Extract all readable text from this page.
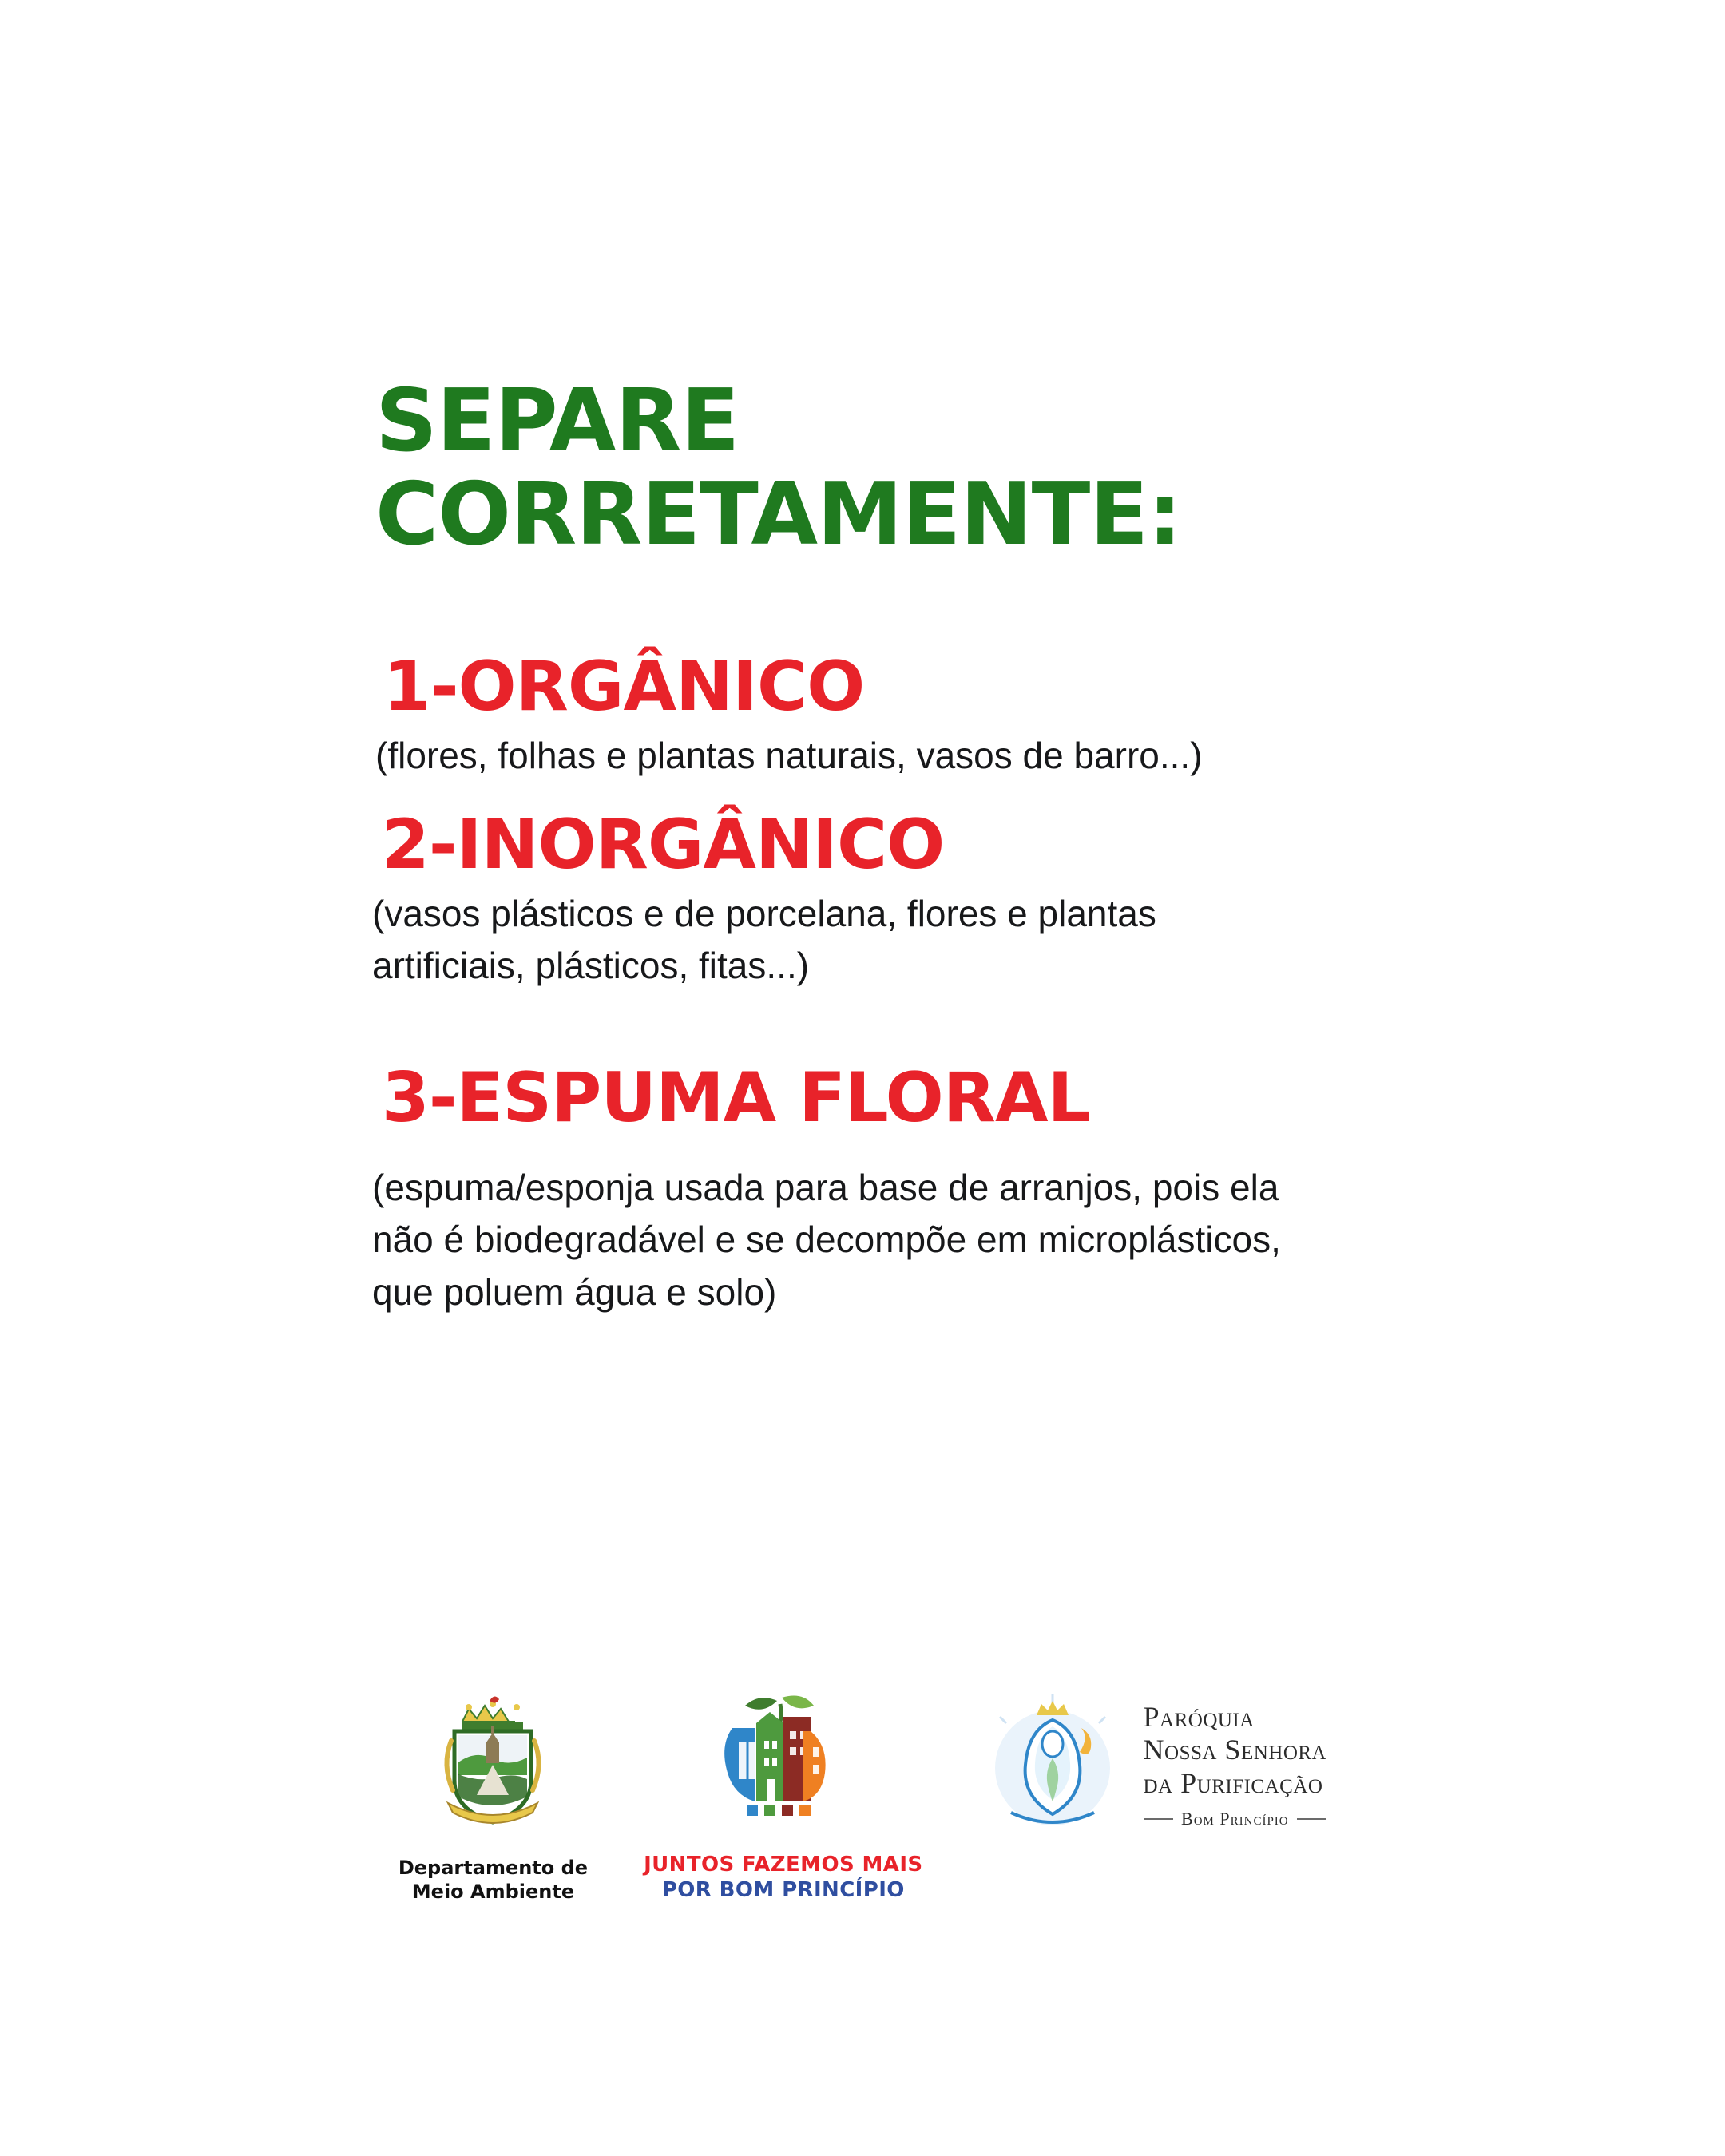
SEPARE
CORRETAMENTE:
1-ORGÂNICO

(flores, folhas e plantas naturais, vasos de barro...)

2-INORGÂNICO

(vasos plásticos e de porcelana, flores e plantas artificiais, plásticos, fitas...)

3-ESPUMA FLORAL

(espuma/esponja usada para base de arranjos, pois ela não é biodegradável e se decompõe em microplásticos, que poluem água e solo)

Departamento de
Meio Ambiente
JUNTOS FAZEMOS MAIS
POR BOM PRINCÍPIO
Paróquia
Nossa Senhora
da Purificação
Bom Princípio
